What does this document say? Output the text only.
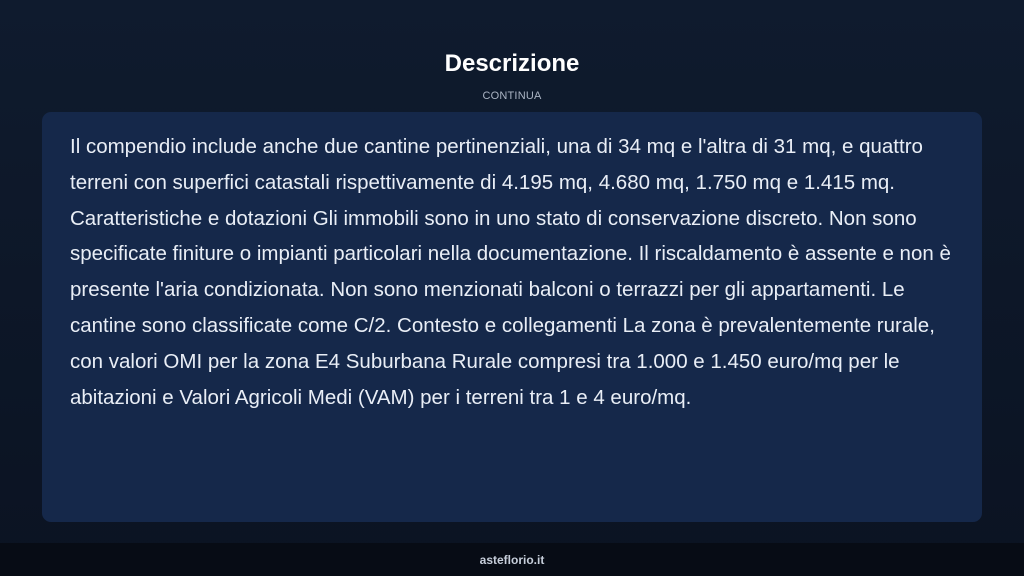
Descrizione
CONTINUA

Il compendio include anche due cantine pertinenziali, una di 34 mq e l'altra di 31 mq, e quattro terreni con superfici catastali rispettivamente di 4.195 mq, 4.680 mq, 1.750 mq e 1.415 mq. Caratteristiche e dotazioni Gli immobili sono in uno stato di conservazione discreto. Non sono specificate finiture o impianti particolari nella documentazione. Il riscaldamento è assente e non è presente l'aria condizionata. Non sono menzionati balconi o terrazzi per gli appartamenti. Le cantine sono classificate come C/2. Contesto e collegamenti La zona è prevalentemente rurale, con valori OMI per la zona E4 Suburbana Rurale compresi tra 1.000 e 1.450 euro/mq per le abitazioni e Valori Agricoli Medi (VAM) per i terreni tra 1 e 4 euro/mq.

asteflorio.it
